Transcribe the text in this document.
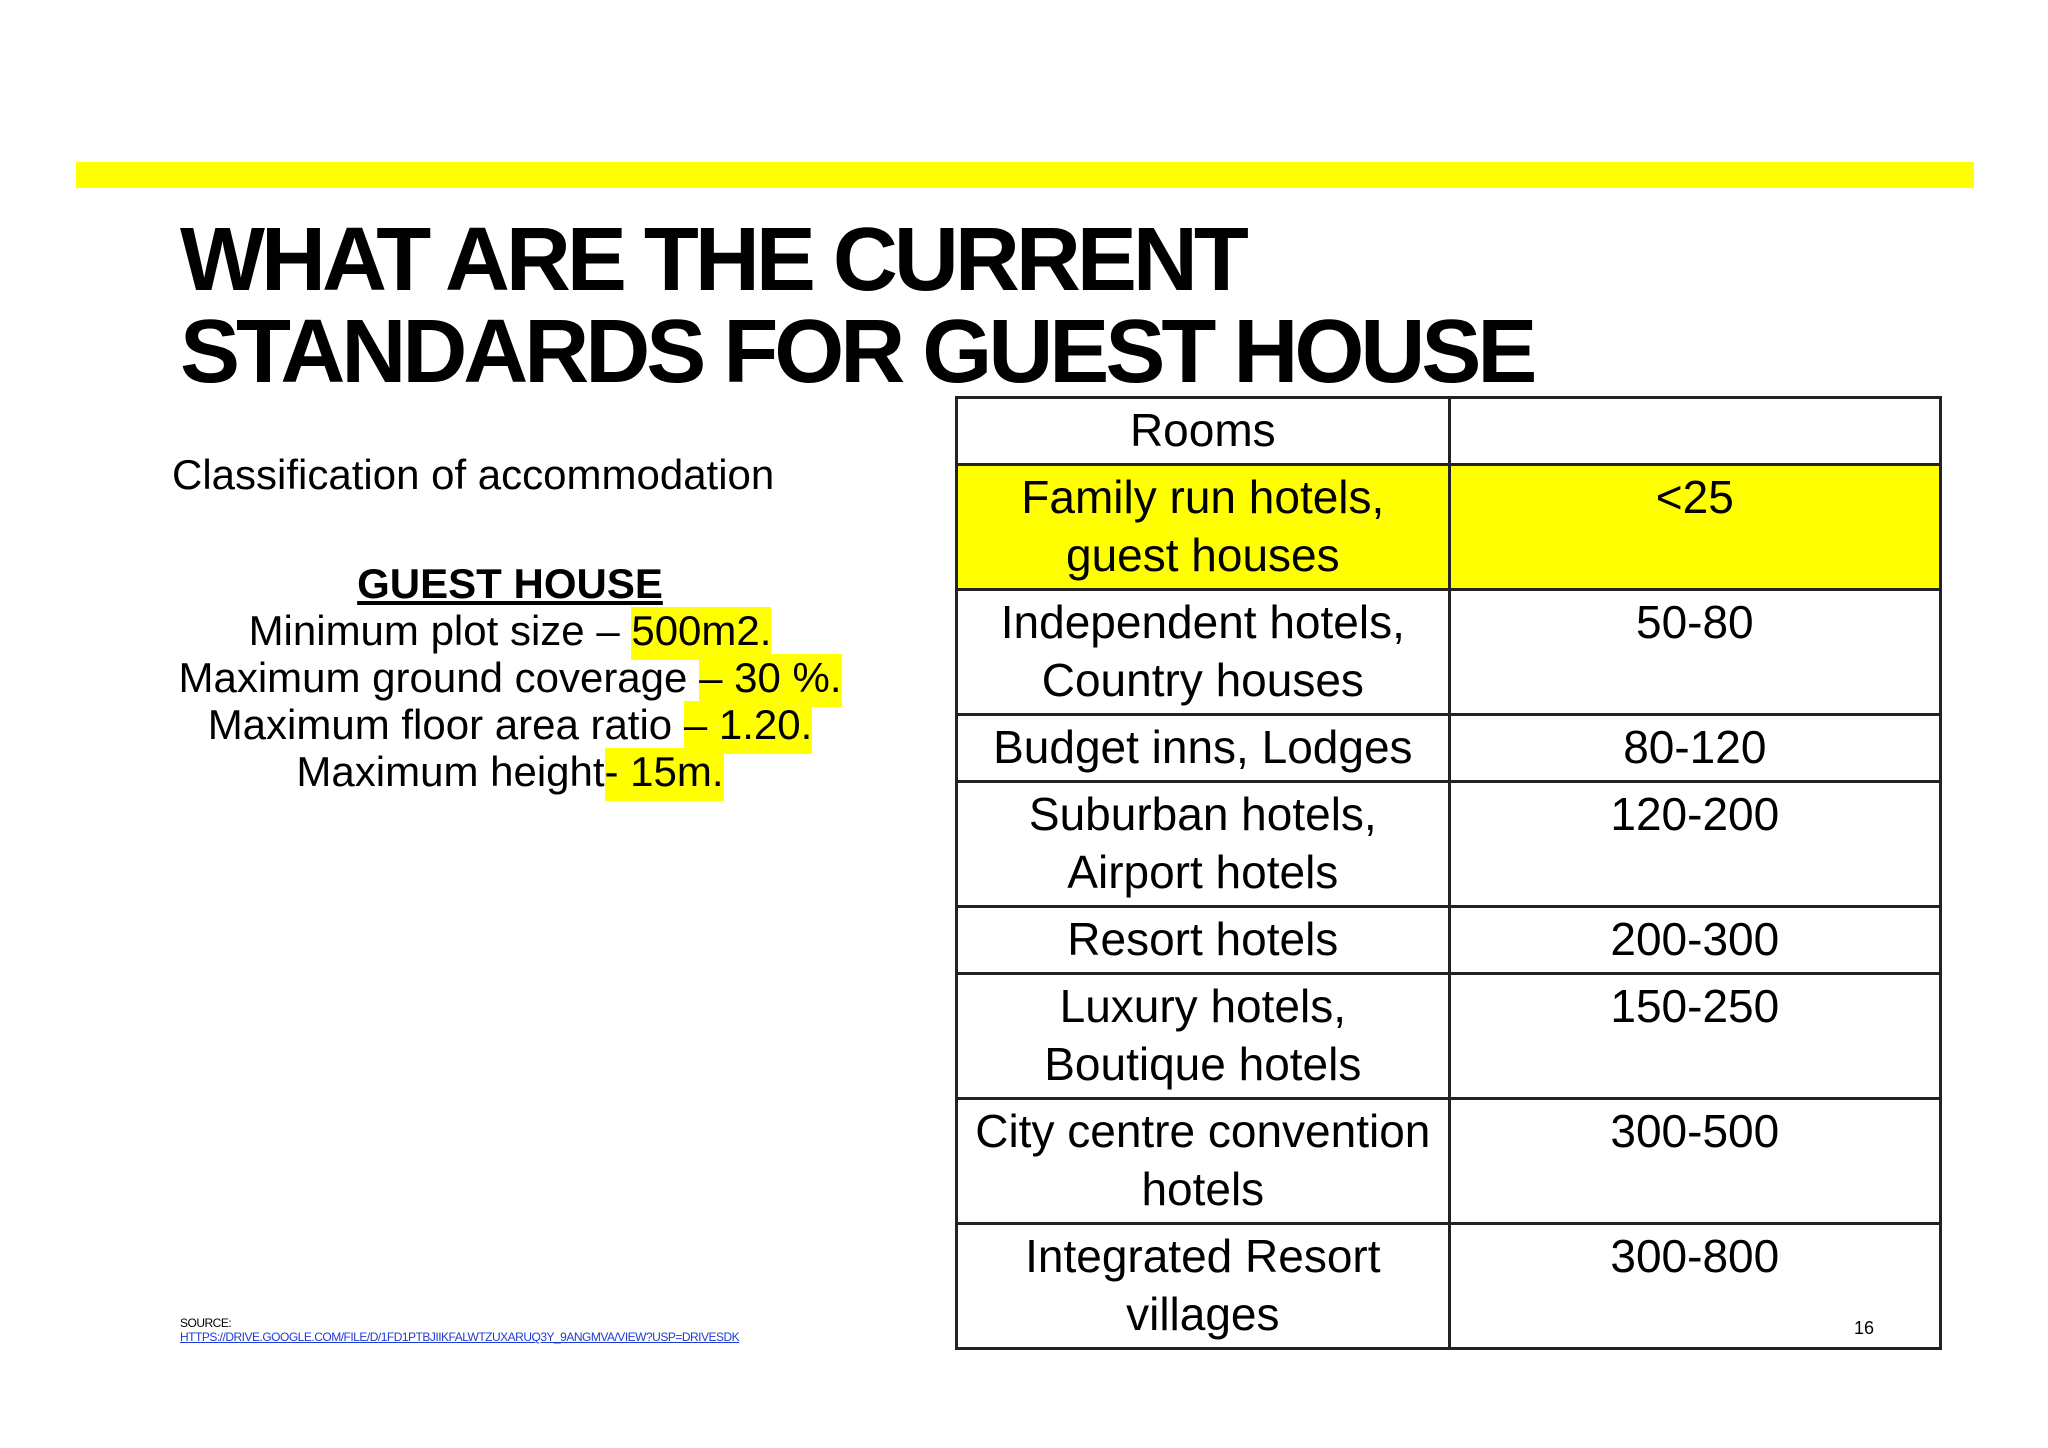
WHAT ARE THE CURRENT
STANDARDS FOR GUEST HOUSE
Classification of accommodation
GUEST HOUSE
Minimum plot size – 500m2.
Maximum ground coverage – 30 %.
Maximum floor area ratio – 1.20.
Maximum height- 15m.
Rooms	
Family run hotels, guest houses	<25
Independent hotels, Country houses	50-80
Budget inns, Lodges	80-120
Suburban hotels, Airport hotels	120-200
Resort hotels	200-300
Luxury hotels, Boutique hotels	150-250
City centre convention hotels	300-500
Integrated Resort villages	300-800
SOURCE:
HTTPS://DRIVE.GOOGLE.COM/FILE/D/1FD1PTBJIIKFALWTZUXARUQ3Y_9ANGMVA/VIEW?USP=DRIVESDK	16
